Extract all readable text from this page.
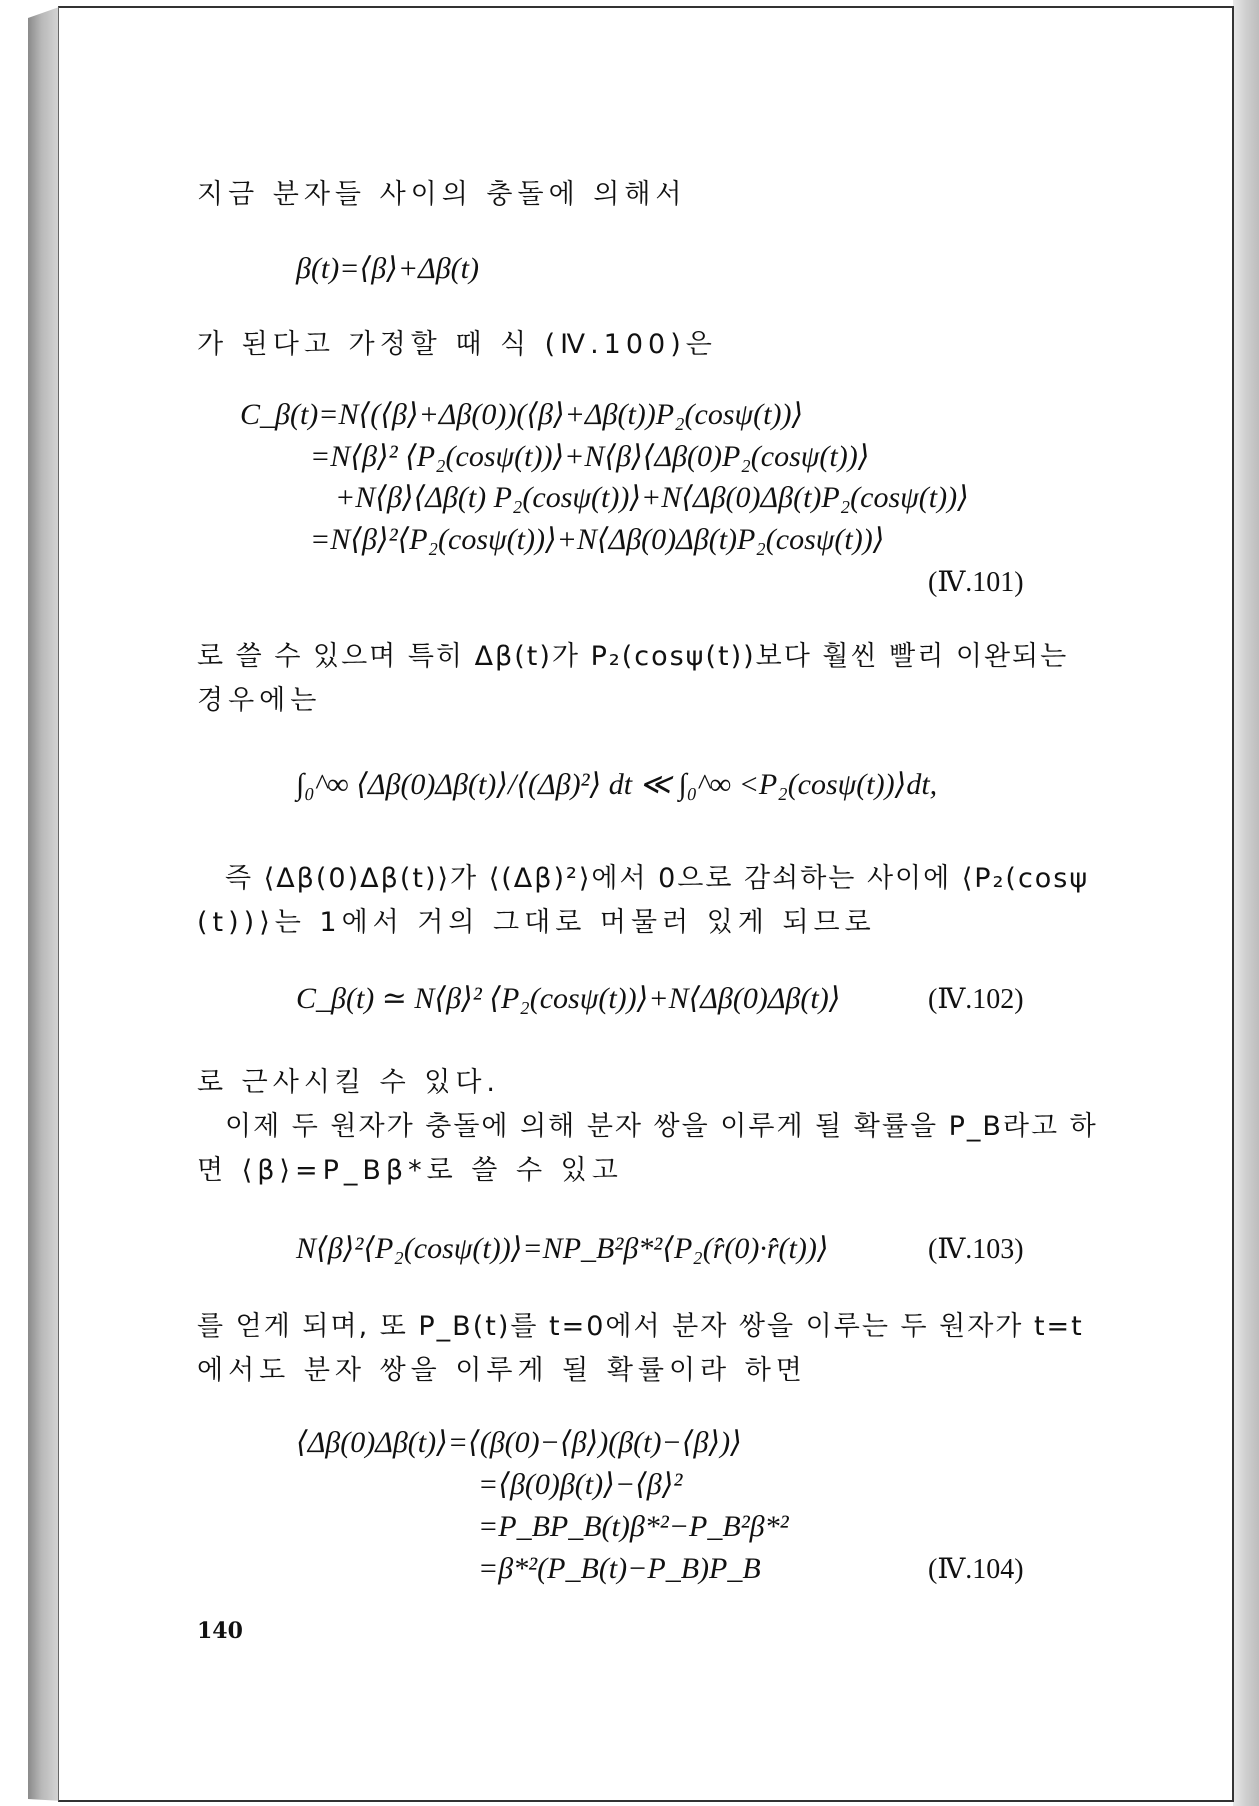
지금 분자들 사이의 충돌에 의해서
β(t)=⟨β⟩+Δβ(t)
가 된다고 가정할 때 식 (Ⅳ.100)은
C_β(t)=N⟨(⟨β⟩+Δβ(0))(⟨β⟩+Δβ(t))P₂(cosψ(t))⟩
=N⟨β⟩² ⟨P₂(cosψ(t))⟩+N⟨β⟩⟨Δβ(0)P₂(cosψ(t))⟩
+N⟨β⟩⟨Δβ(t) P₂(cosψ(t))⟩+N⟨Δβ(0)Δβ(t)P₂(cosψ(t))⟩
=N⟨β⟩²⟨P₂(cosψ(t))⟩+N⟨Δβ(0)Δβ(t)P₂(cosψ(t))⟩
(Ⅳ.101)
로 쓸 수 있으며 특히 Δβ(t)가 P₂(cosψ(t))보다 훨씬 빨리 이완되는
경우에는
∫₀^∞ ⟨Δβ(0)Δβ(t)⟩/⟨(Δβ)²⟩ dt ≪ ∫₀^∞ <P₂(cosψ(t))⟩dt,
즉 ⟨Δβ(0)Δβ(t)⟩가 ⟨(Δβ)²⟩에서 0으로 감쇠하는 사이에 ⟨P₂(cosψ
(t))⟩는 1에서 거의 그대로 머물러 있게 되므로
C_β(t) ≃ N⟨β⟩² ⟨P₂(cosψ(t))⟩+N⟨Δβ(0)Δβ(t)⟩	(Ⅳ.102)
로 근사시킬 수 있다.
이제 두 원자가 충돌에 의해 분자 쌍을 이루게 될 확률을 P_B라고 하
면 ⟨β⟩=P_Bβ*로 쓸 수 있고
N⟨β⟩²⟨P₂(cosψ(t))⟩=NP_B²β*²⟨P₂(r̂(0)·r̂(t))⟩	(Ⅳ.103)
를 얻게 되며, 또 P_B(t)를 t=0에서 분자 쌍을 이루는 두 원자가 t=t
에서도 분자 쌍을 이루게 될 확률이라 하면
⟨Δβ(0)Δβ(t)⟩=⟨(β(0)−⟨β⟩)(β(t)−⟨β⟩)⟩
=⟨β(0)β(t)⟩−⟨β⟩²
=P_BP_B(t)β*²−P_B²β*²
=β*²(P_B(t)−P_B)P_B	(Ⅳ.104)
140
